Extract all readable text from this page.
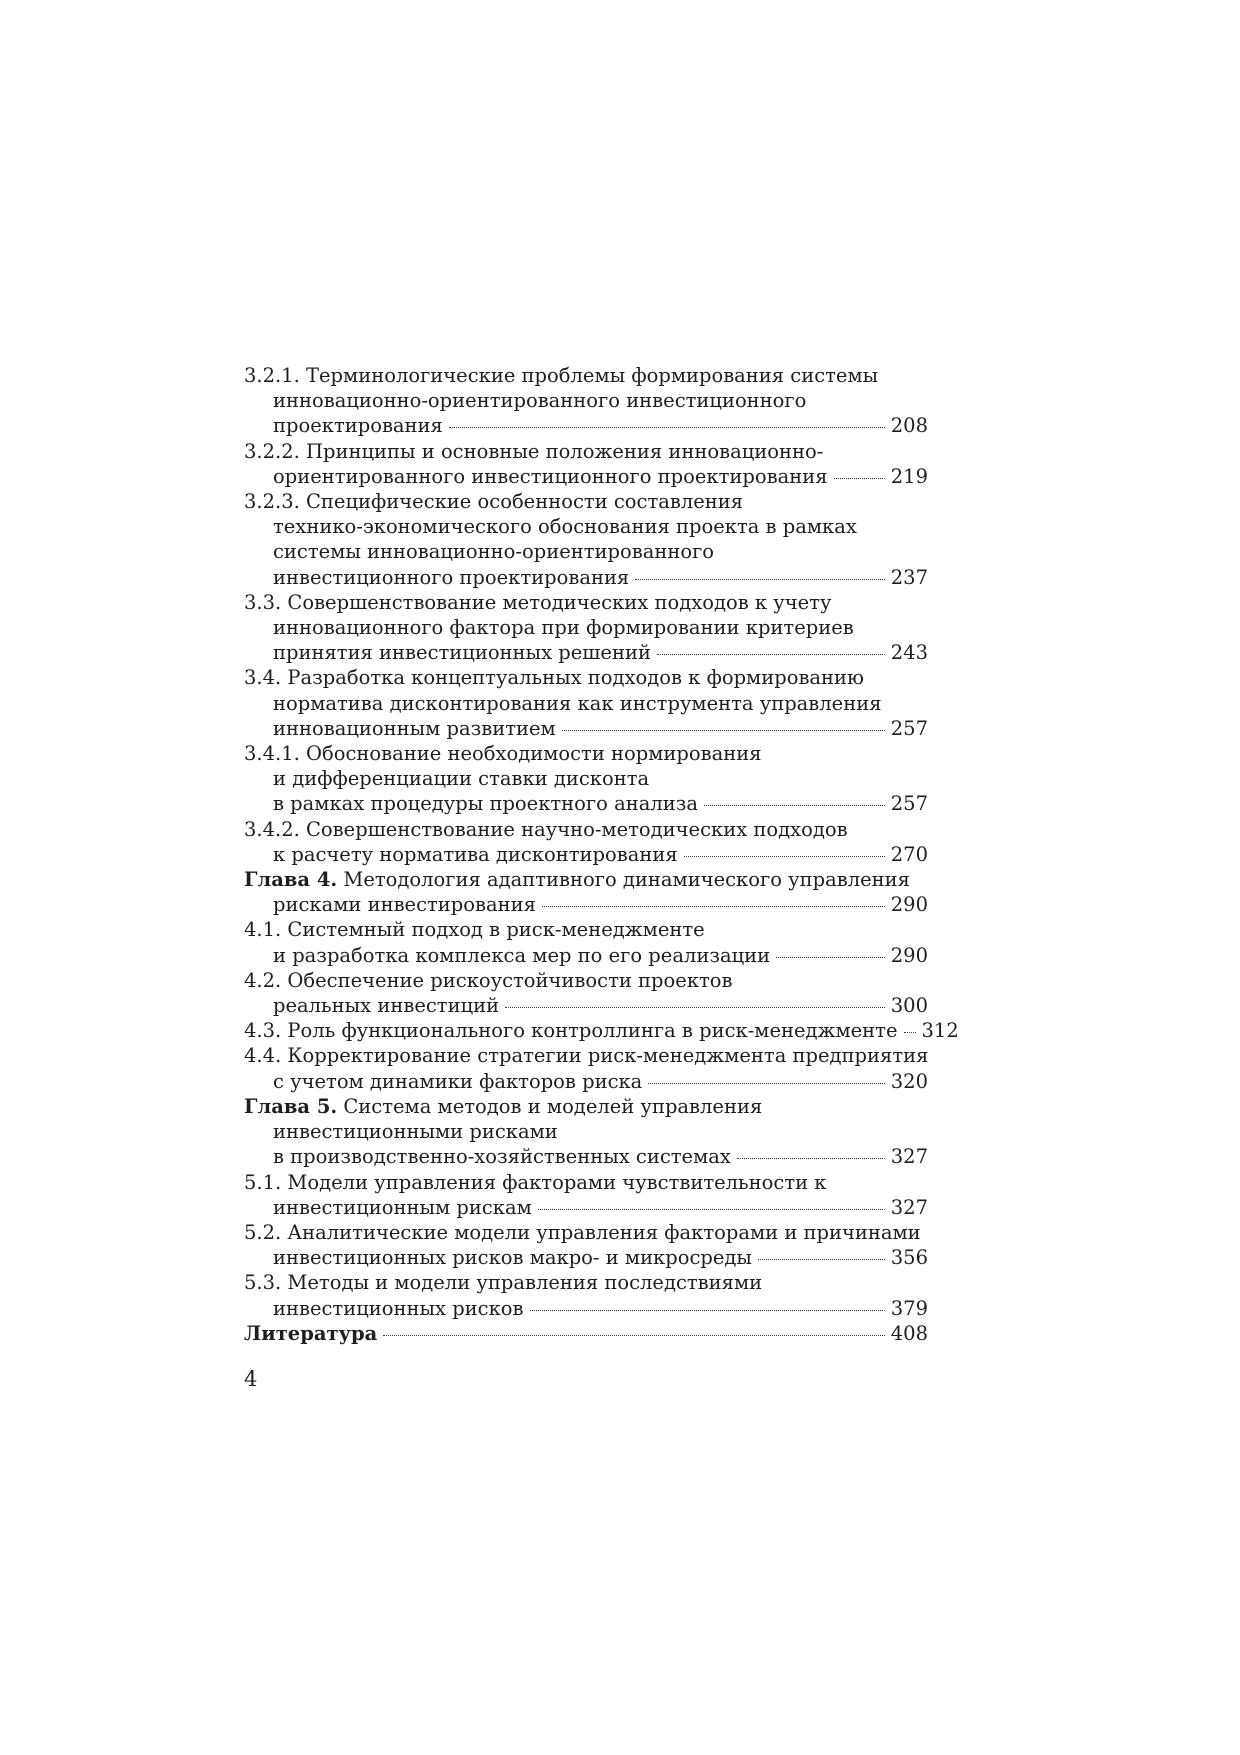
3.2.1. Терминологические проблемы формирования системы
инновационно-ориентированного инвестиционного
проектирования	208
3.2.2. Принципы и основные положения инновационно-
ориентированного инвестиционного проектирования	219
3.2.3. Специфические особенности составления
технико-экономического обоснования проекта в рамках
системы инновационно-ориентированного
инвестиционного проектирования	237
3.3. Совершенствование методических подходов к учету
инновационного фактора при формировании критериев
принятия инвестиционных решений	243
3.4. Разработка концептуальных подходов к формированию
норматива дисконтирования как инструмента управления
инновационным развитием	257
3.4.1. Обоснование необходимости нормирования
и дифференциации ставки дисконта
в рамках процедуры проектного анализа	257
3.4.2. Совершенствование научно-методических подходов
к расчету норматива дисконтирования	270
Глава 4. Методология адаптивного динамического управления
рисками инвестирования	290
4.1. Системный подход в риск-менеджменте
и разработка комплекса мер по его реализации	290
4.2. Обеспечение рискоустойчивости проектов
реальных инвестиций	300
4.3. Роль функционального контроллинга в риск-менеджменте 312
4.4. Корректирование стратегии риск-менеджмента предприятия
с учетом динамики факторов риска	320
Глава 5. Система методов и моделей управления
инвестиционными рисками
в производственно-хозяйственных системах	327
5.1. Модели управления факторами чувствительности к
инвестиционным рискам	327
5.2. Аналитические модели управления факторами и причинами
инвестиционных рисков макро- и микросреды	356
5.3. Методы и модели управления последствиями
инвестиционных рисков	379
Литература	408
4
